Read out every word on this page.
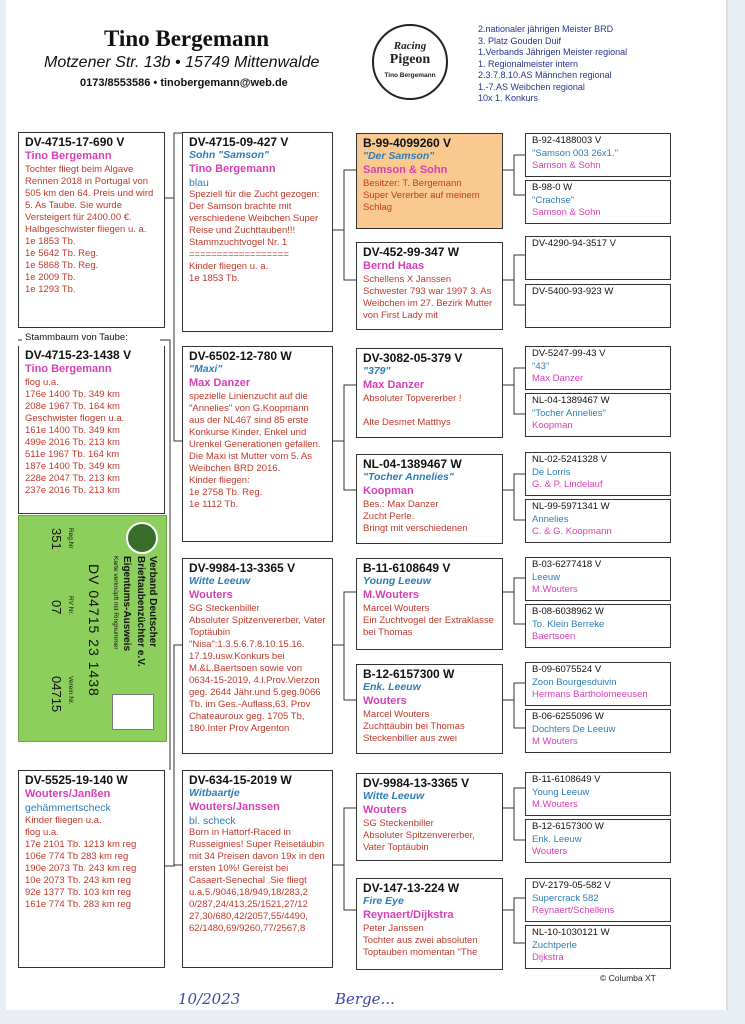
Tino Bergemann
Motzener Str. 13b • 15749 Mittenwalde
0173/8553586 • tinobergemann@web.de
Racing
Pigeon
Tino Bergemann
2.nationaler jährigen Meister BRD
3. Platz Gouden Duif
1.Verbands Jährigen Meister regional
1. Regionalmeister intern
2.3.7.8.10.AS Männchen regional
1.-7.AS Weibchen regional
10x 1. Konkurs
DV-4715-17-690 V
Tino Bergemann
Tochter fliegt beim Algave Rennen 2018 in Portugal von 505 km den 64. Preis und wird 5. As Taube. Sie wurde Versteigert für 2400.00 €.
Halbgeschwister fliegen u. a.
1e 1853 Tb.
1e 5642 Tb. Reg.
1e 5868 Tb. Reg.
1e 2009 Tb.
1e 1293 Tb.
Stammbaum von Taube:
DV-4715-23-1438 V
Tino Bergemann
flog u.a.
176e 1400 Tb. 349 km
208e 1967 Tb. 164 km
Geschwister flogen u.a.
161e 1400 Tb. 349 km
499e 2016 Tb. 213 km
511e 1967 Tb. 164 km
187e 1400 Tb. 349 km
228e 2047 Tb. 213 km
237e 2016 Tb. 213 km
Verband Deutscher Brieftaubenzüchter e.V.
Eigentums-Ausweis
Karte verknüpft mit Ringnummer
DV 04715 23 1438
Reg.Nr
RV Nr.
Verein Nr.
351
07
04715
DV-5525-19-140 W
Wouters/Janßen
gehämmertscheck
Kinder fliegen u.a.
flog u.a.
17e 2101 Tb. 1213 km reg
106e 774 Tb 283 km reg
190e 2073 Tb. 243 km reg
10e 2073 Tb. 243 km reg
92e 1377 Tb. 103 km reg
161e 774 Tb. 283 km reg
DV-4715-09-427 V
Sohn "Samson"
Tino Bergemann
blau
Speziell für die Zucht gezogen:
Der Samson brachte mit verschiedene Weibchen Super Reise und Zuchttauben!!!
Stammzuchtvogel Nr. 1
==================
Kinder fliegen u. a.
1e 1853 Tb.
DV-6502-12-780 W
"Maxi"
Max Danzer
spezielle Linienzucht auf die "Annelies" von G.Koopmann aus der NL467 sind 85 erste Konkurse Kinder, Enkel und Urenkel Generationen gefallen. Die Maxi ist Mutter vom 5. As Weibchen BRD 2016.
Kinder fliegen:
1e 2758 Tb. Reg.
1e 1112 Tb.
DV-9984-13-3365 V
Witte Leeuw
Wouters
SG Steckenbiller
Absoluter Spitzenvererber, Vater Toptäubin "Nisa":1.3.5.6.7.8.10.15.16. 17.19.usw.Konkurs bei M.&L.Baertsoen sowie von 0634-15-2019, 4.l.Prov.Vierzon geg. 2644 Jähr.und 5.geg.9066 Tb. im Ges.-Auflass,63. Prov Chateauroux geg. 1705 Tb, 180.Inter Prov Argenton
DV-634-15-2019 W
Witbaartje
Wouters/Janssen
bl. scheck
Born in Hattorf-Raced in Russeignies! Super Reisetäubin mit 34 Preisen davon 19x in den ersten 10%! Gereist bei Casaert-Senechal .Sie fliegt u.a.5./9046,18/949,18/283,2 0/287,24/413,25/1521,27/12 27,30/680,42/2057,55/4490, 62/1480,69/9260,77/2567,8
B-99-4099260 V
"Der Samson"
Samson & Sohn
Besitzer: T. Bergemann
Super Vererber auf meinem Schlag
DV-452-99-347 W
Bernd Haas
Schellens X Janssen
Schwester 793 war 1997 3. As Weibchen im 27. Bezirk Mutter von First Lady mit
DV-3082-05-379 V
"379"
Max Danzer
Absoluter Topvererber !

Alte Desmet Matthys
NL-04-1389467 W
"Tocher Annelies"
Koopman
Bes.: Max Danzer
Zucht Perle.
Bringt mit verschiedenen
B-11-6108649 V
Young Leeuw
M.Wouters
Marcel Wouters
Ein Zuchtvogel der Extraklasse bei Thomas
B-12-6157300 W
Enk. Leeuw
Wouters
Marcel Wouters
Zuchttäubin bei Thomas Steckenbiller aus zwei
DV-9984-13-3365 V
Witte Leeuw
Wouters
SG Steckenbiller
Absoluter Spitzenvererber, Vater Toptäubin
DV-147-13-224 W
Fire Eye
Reynaert/Dijkstra
Peter Janssen
Tochter aus zwei absoluten Toptauben momentan "The
B-92-4188003 V
"Samson 003 26x1."
Samson & Sohn
B-98-0 W
"Crachse"
Samson & Sohn
DV-4290-94-3517 V
DV-5400-93-923 W
DV-5247-99-43 V
"43"
Max Danzer
NL-04-1389467 W
"Tocher Annelies"
Koopman
NL-02-5241328 V
De Lorris
G. & P. Lindelauf
NL-99-5971341 W
Annelies
C. & G. Koopmann
B-03-6277418 V
Leeuw
M.Wouters
B-08-6038962 W
To. Klein Berreke
Baertsoen
B-09-6075524 V
Zoon Bourgesduivin
Hermans Bartholomeeusen
B-06-6255096 W
Dochters De Leeuw
M Wouters
B-11-6108649 V
Young Leeuw
M.Wouters
B-12-6157300 W
Enk. Leeuw
Wouters
DV-2179-05-582 V
Supercrack 582
Reynaert/Schellens
NL-10-1030121 W
Zuchtperle
Dijkstra
© Columba XT
10/2023	Berge...
